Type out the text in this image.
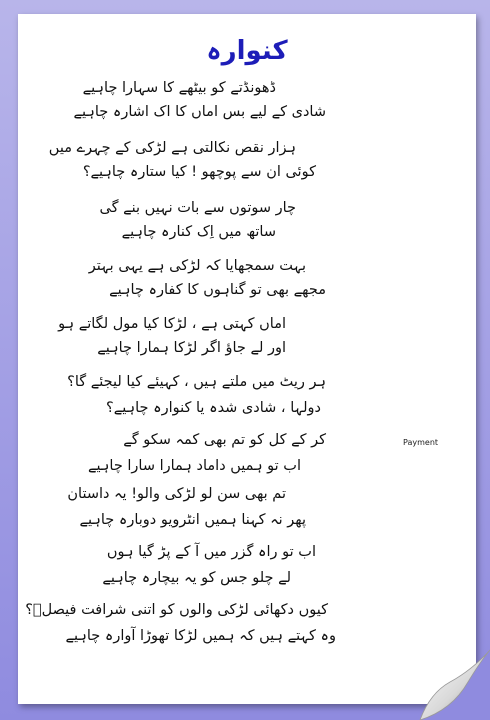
کنوارہ
ڈھونڈتے کو بیٹھے کا سہارا چاہیے
شادی کے لیے بس اماں کا اک اشارہ چاہیے
ہزار نقص نکالتی ہے لڑکی کے چہرے میں
کوئی ان سے پوچھو ! کیا ستارہ چاہیے؟
چار سوتوں سے بات نہیں بنے گی
ساتھ میں اِک کنارہ چاہیے
بہت سمجھایا کہ لڑکی ہے یہی بہتر
مجھے بھی تو گناہوں کا کفارہ چاہیے
اماں کہتی ہے ، لڑکا کیا مول لگاتے ہو
اور لے جاؤ اگر لڑکا ہمارا چاہیے
ہر ریٹ میں ملتے ہیں ، کہیئے کیا لیجئے گا؟
دولہا ، شادی شدہ یا کنوارہ چاہیے؟
کر کے کل کو تم بھی کمہ سکو گے	Payment
اب تو ہمیں داماد ہمارا سارا چاہیے
تم بھی سن لو لڑکی والو! یہ داستان
پھر نہ کہنا ہمیں انٹرویو دوبارہ چاہیے
اب تو راہ گزر میں آ کے پڑ گیا ہوں
لے چلو جس کو یہ بیچارہ چاہیے
کیوں دکھائی لڑکی والوں کو اتنی شرافت فیصلؔ؟
وہ کہتے ہیں کہ ہمیں لڑکا تھوڑا آوارہ چاہیے
